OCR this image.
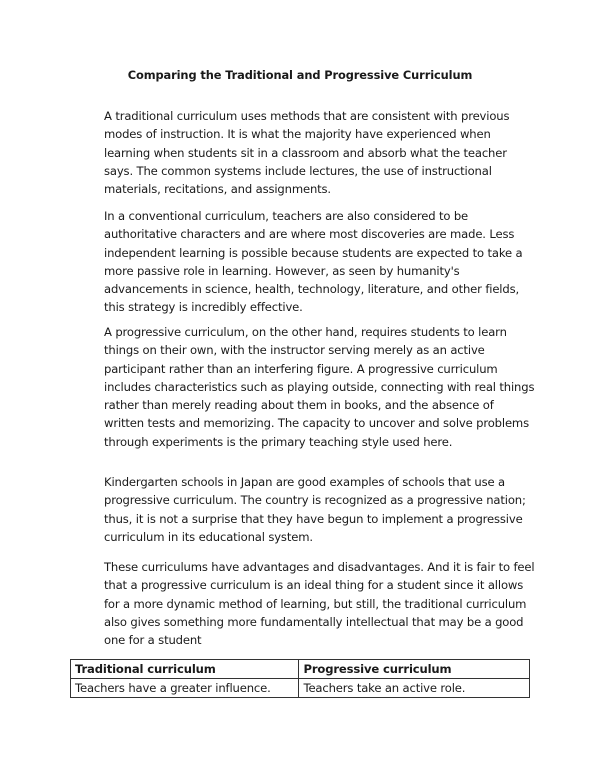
Comparing the Traditional and Progressive Curriculum

A traditional curriculum uses methods that are consistent with previous modes of instruction. It is what the majority have experienced when learning when students sit in a classroom and absorb what the teacher says. The common systems include lectures, the use of instructional materials, recitations, and assignments.

In a conventional curriculum, teachers are also considered to be authoritative characters and are where most discoveries are made. Less independent learning is possible because students are expected to take a more passive role in learning. However, as seen by humanity's advancements in science, health, technology, literature, and other fields, this strategy is incredibly effective.

A progressive curriculum, on the other hand, requires students to learn things on their own, with the instructor serving merely as an active participant rather than an interfering figure. A progressive curriculum includes characteristics such as playing outside, connecting with real things rather than merely reading about them in books, and the absence of written tests and memorizing. The capacity to uncover and solve problems through experiments is the primary teaching style used here.

Kindergarten schools in Japan are good examples of schools that use a progressive curriculum. The country is recognized as a progressive nation; thus, it is not a surprise that they have begun to implement a progressive curriculum in its educational system.

These curriculums have advantages and disadvantages. And it is fair to feel that a progressive curriculum is an ideal thing for a student since it allows for a more dynamic method of learning, but still, the traditional curriculum also gives something more fundamentally intellectual that may be a good one for a student

Traditional curriculum	Progressive curriculum
Teachers have a greater influence.	Teachers take an active role.
